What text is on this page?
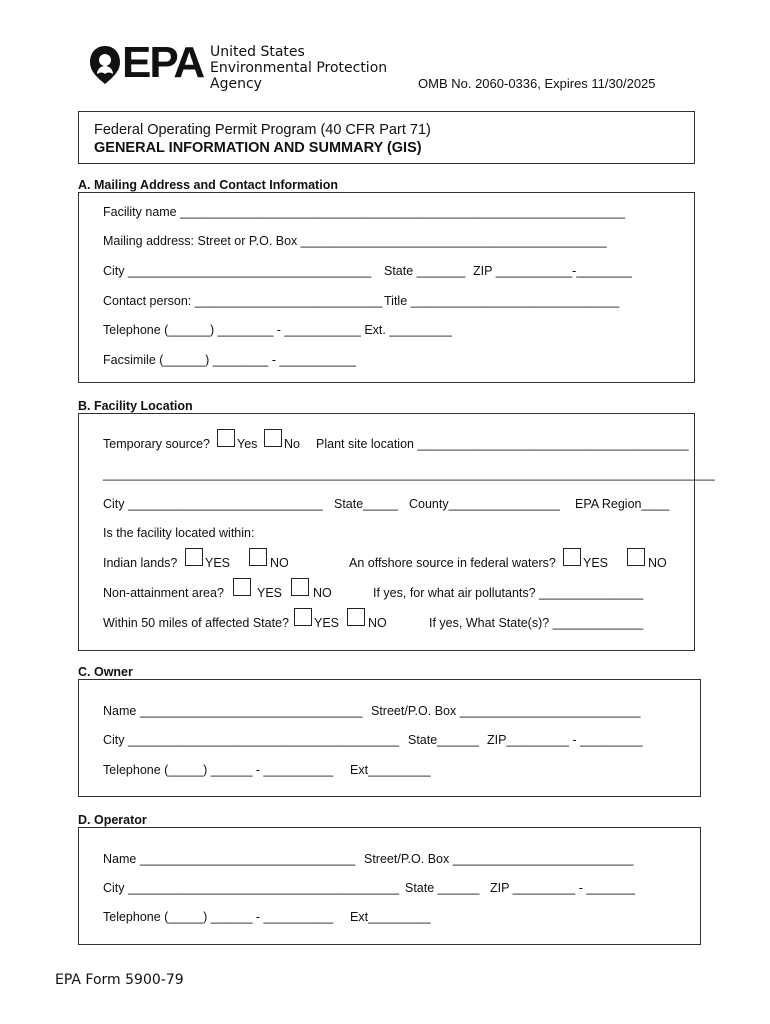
EPA United States
Environmental Protection
Agency	OMB No. 2060-0336, Expires 11/30/2025
Federal Operating Permit Program (40 CFR Part 71)
GENERAL INFORMATION AND SUMMARY (GIS)
A. Mailing Address and Contact Information
Facility name ________________________________________________________________
Mailing address: Street or P.O. Box ____________________________________________
City ___________________________________ State _______ ZIP ___________-________
Contact person: ___________________________ Title ______________________________
Telephone (______) ________ - ___________ Ext. _________
Facsimile (______) ________ - ___________
B. Facility Location
Temporary source? Yes No Plant site location _______________________________________
________________________________________________________________________________________
City ____________________________ State_____ County________________ EPA Region____
Is the facility located within:
Indian lands? YES	NO	An offshore source in federal waters? YES	NO
Non-attainment area?	YES NO	If yes, for what air pollutants? _______________
Within 50 miles of affected State? YES NO	If yes, What State(s)? _____________
C. Owner
Name ________________________________ Street/P.O. Box __________________________
City _______________________________________ State______ ZIP_________ - _________
Telephone (_____) ______ - __________ Ext_________
D. Operator
Name _______________________________ Street/P.O. Box __________________________
City _______________________________________ State ______ ZIP _________ - _______
Telephone (_____) ______ - __________ Ext_________
EPA Form 5900-79
